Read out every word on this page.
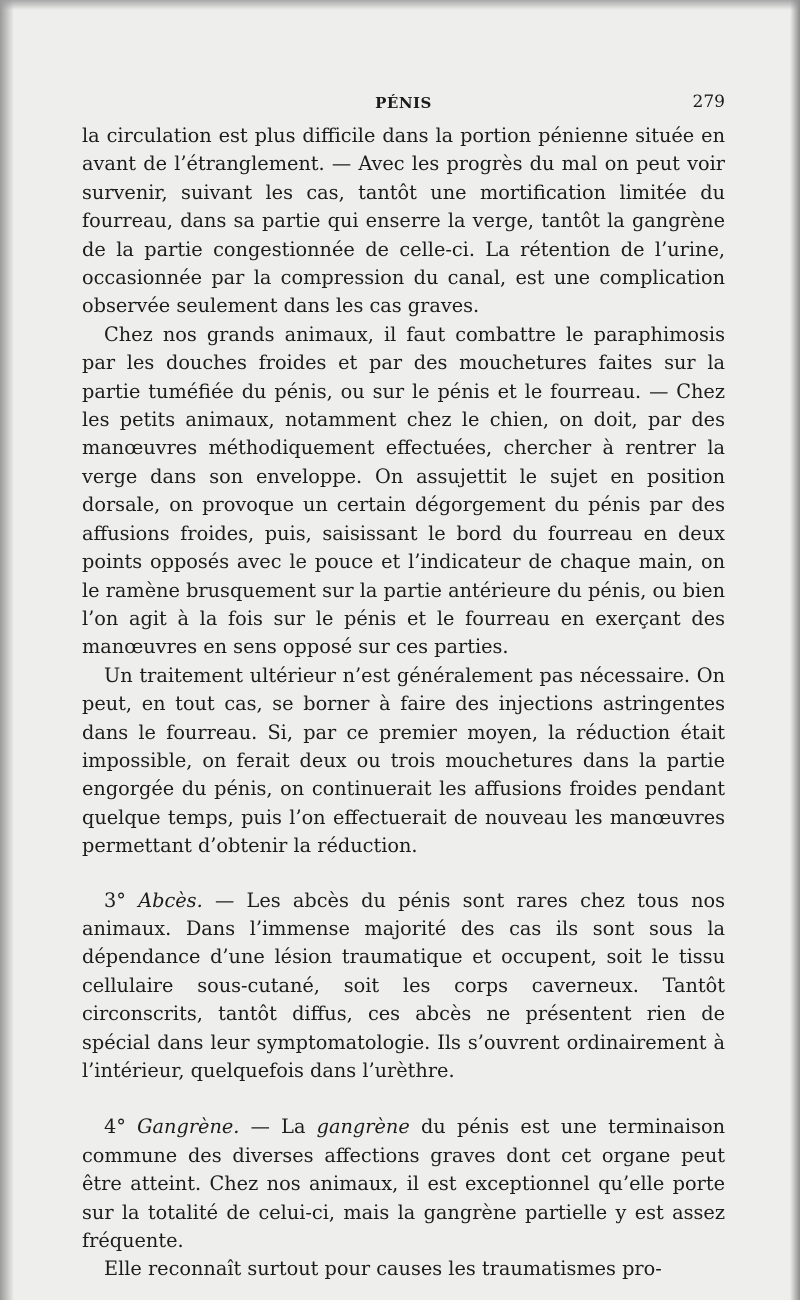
PÉNIS	279

la circulation est plus difficile dans la portion pénienne située en avant de l’étranglement. — Avec les progrès du mal on peut voir survenir, suivant les cas, tantôt une mortification limitée du fourreau, dans sa partie qui enserre la verge, tantôt la gangrène de la partie congestionnée de celle-ci. La rétention de l’urine, occasionnée par la compression du canal, est une complication observée seulement dans les cas graves.

Chez nos grands animaux, il faut combattre le paraphimosis par les douches froides et par des mouchetures faites sur la partie tuméfiée du pénis, ou sur le pénis et le fourreau. — Chez les petits animaux, notamment chez le chien, on doit, par des manœuvres méthodiquement effectuées, chercher à rentrer la verge dans son enveloppe. On assujettit le sujet en position dorsale, on provoque un certain dégorgement du pénis par des affusions froides, puis, saisissant le bord du fourreau en deux points opposés avec le pouce et l’indicateur de chaque main, on le ramène brusquement sur la partie antérieure du pénis, ou bien l’on agit à la fois sur le pénis et le fourreau en exerçant des manœuvres en sens opposé sur ces parties.

Un traitement ultérieur n’est généralement pas nécessaire. On peut, en tout cas, se borner à faire des injections astringentes dans le fourreau. Si, par ce premier moyen, la réduction était impossible, on ferait deux ou trois mouchetures dans la partie engorgée du pénis, on continuerait les affusions froides pendant quelque temps, puis l’on effectuerait de nouveau les manœuvres permettant d’obtenir la réduction.

3° Abcès. — Les abcès du pénis sont rares chez tous nos animaux. Dans l’immense majorité des cas ils sont sous la dépendance d’une lésion traumatique et occupent, soit le tissu cellulaire sous-cutané, soit les corps caverneux. Tantôt circonscrits, tantôt diffus, ces abcès ne présentent rien de spécial dans leur symptomatologie. Ils s’ouvrent ordinairement à l’intérieur, quelquefois dans l’urèthre.

4° Gangrène. — La gangrène du pénis est une terminaison commune des diverses affections graves dont cet organe peut être atteint. Chez nos animaux, il est exceptionnel qu’elle porte sur la totalité de celui-ci, mais la gangrène partielle y est assez fréquente.

Elle reconnaît surtout pour causes les traumatismes pro-
